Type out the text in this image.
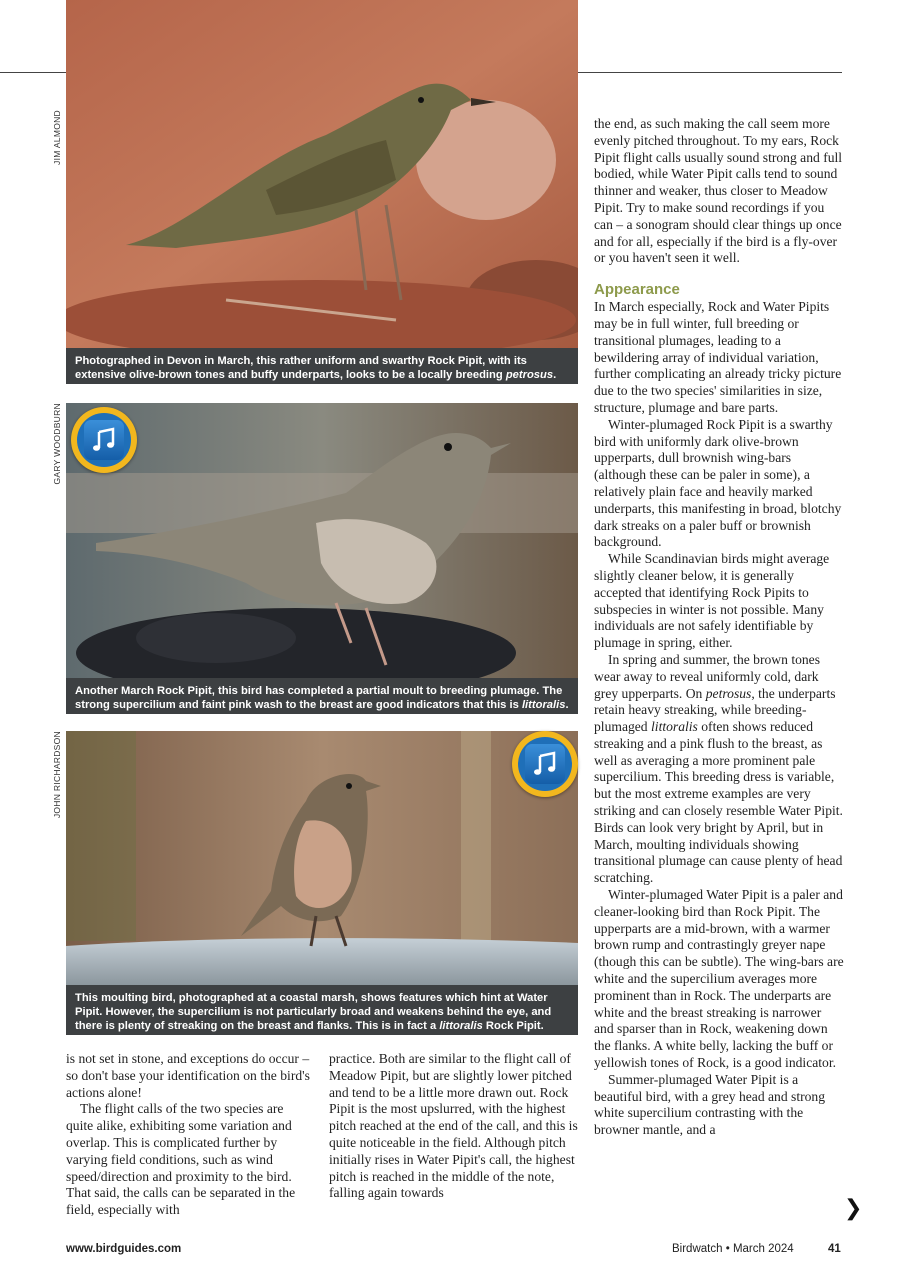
JIM ALMOND
Photographed in Devon in March, this rather uniform and swarthy Rock Pipit, with its extensive olive-brown tones and buffy underparts, looks to be a locally breeding petrosus.
GARY WOODBURN
Another March Rock Pipit, this bird has completed a partial moult to breeding plumage. The strong supercilium and faint pink wash to the breast are good indicators that this is littoralis.
JOHN RICHARDSON
This moulting bird, photographed at a coastal marsh, shows features which hint at Water Pipit. However, the supercilium is not particularly broad and weakens behind the eye, and there is plenty of streaking on the breast and flanks. This is in fact a littoralis Rock Pipit.

is not set in stone, and exceptions do occur – so don't base your identification on the bird's actions alone!

The flight calls of the two species are quite alike, exhibiting some variation and overlap. This is complicated further by varying field conditions, such as wind speed/direction and proximity to the bird. That said, the calls can be separated in the field, especially with

practice. Both are similar to the flight call of Meadow Pipit, but are slightly lower pitched and tend to be a little more drawn out. Rock Pipit is the most upslurred, with the highest pitch reached at the end of the call, and this is quite noticeable in the field. Although pitch initially rises in Water Pipit's call, the highest pitch is reached in the middle of the note, falling again towards

the end, as such making the call seem more evenly pitched throughout. To my ears, Rock Pipit flight calls usually sound strong and full bodied, while Water Pipit calls tend to sound thinner and weaker, thus closer to Meadow Pipit. Try to make sound recordings if you can – a sonogram should clear things up once and for all, especially if the bird is a fly-over or you haven't seen it well.

Appearance

In March especially, Rock and Water Pipits may be in full winter, full breeding or transitional plumages, leading to a bewildering array of individual variation, further complicating an already tricky picture due to the two species' similarities in size, structure, plumage and bare parts.

Winter-plumaged Rock Pipit is a swarthy bird with uniformly dark olive-brown upperparts, dull brownish wing-bars (although these can be paler in some), a relatively plain face and heavily marked underparts, this manifesting in broad, blotchy dark streaks on a paler buff or brownish background.

While Scandinavian birds might average slightly cleaner below, it is generally accepted that identifying Rock Pipits to subspecies in winter is not possible. Many individuals are not safely identifiable by plumage in spring, either.

In spring and summer, the brown tones wear away to reveal uniformly cold, dark grey upperparts. On petrosus, the underparts retain heavy streaking, while breeding-plumaged littoralis often shows reduced streaking and a pink flush to the breast, as well as averaging a more prominent pale supercilium. This breeding dress is variable, but the most extreme examples are very striking and can closely resemble Water Pipit. Birds can look very bright by April, but in March, moulting individuals showing transitional plumage can cause plenty of head scratching.

Winter-plumaged Water Pipit is a paler and cleaner-looking bird than Rock Pipit. The upperparts are a mid-brown, with a warmer brown rump and contrastingly greyer nape (though this can be subtle). The wing-bars are white and the supercilium averages more prominent than in Rock. The underparts are white and the breast streaking is narrower and sparser than in Rock, weakening down the flanks. A white belly, lacking the buff or yellowish tones of Rock, is a good indicator.

Summer-plumaged Water Pipit is a beautiful bird, with a grey head and strong white supercilium contrasting with the browner mantle, and a

❯
www.birdguides.com	Birdwatch • March 2024	41
